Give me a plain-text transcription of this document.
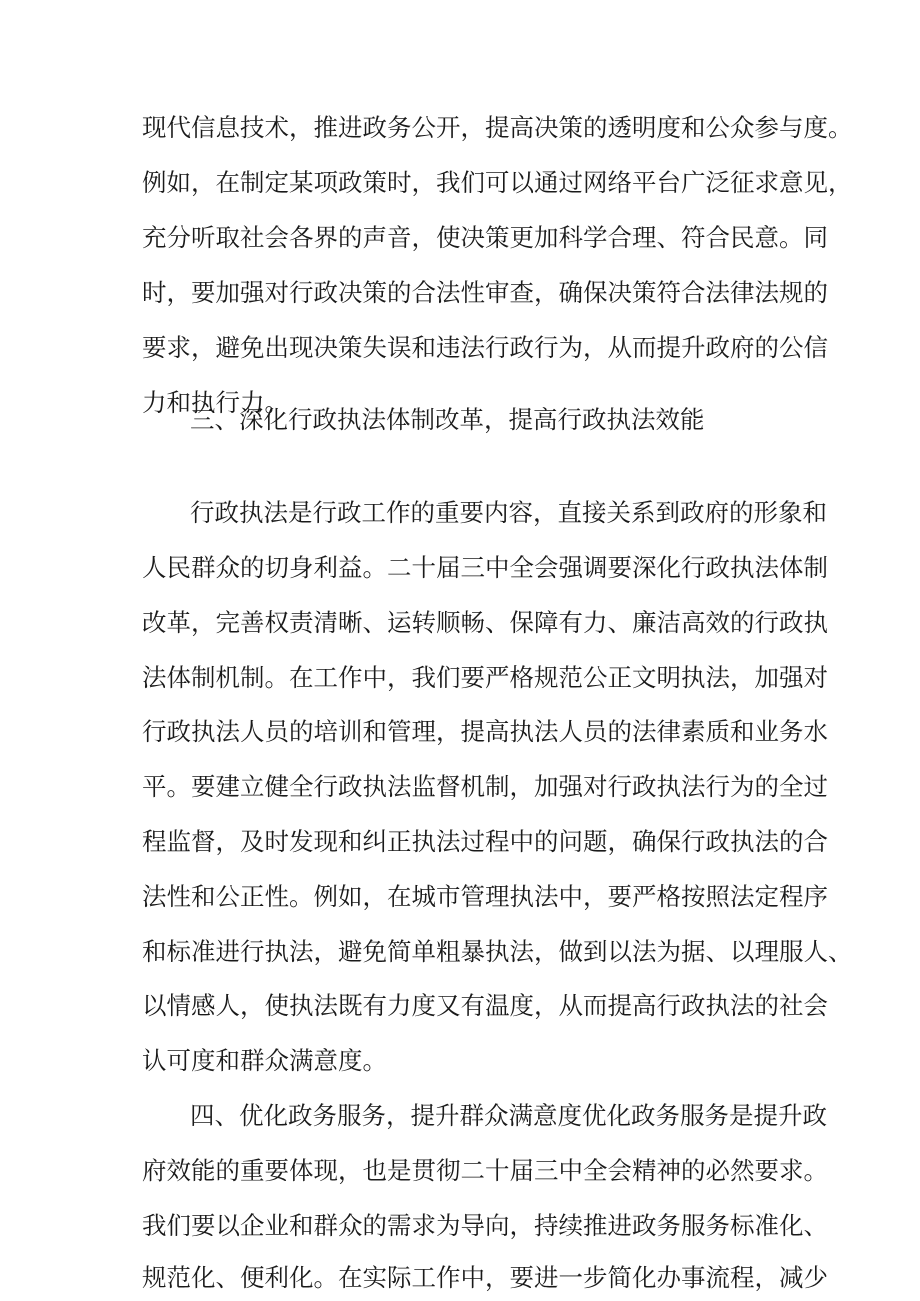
现代信息技术，推进政务公开，提高决策的透明度和公众参与度。
例如，在制定某项政策时，我们可以通过网络平台广泛征求意见，
充分听取社会各界的声音，使决策更加科学合理、符合民意。同
时，要加强对行政决策的合法性审查，确保决策符合法律法规的
要求，避免出现决策失误和违法行政行为，从而提升政府的公信
力和执行力。
三、深化行政执法体制改革，提高行政执法效能
行政执法是行政工作的重要内容，直接关系到政府的形象和
人民群众的切身利益。二十届三中全会强调要深化行政执法体制
改革，完善权责清晰、运转顺畅、保障有力、廉洁高效的行政执
法体制机制。在工作中，我们要严格规范公正文明执法，加强对
行政执法人员的培训和管理，提高执法人员的法律素质和业务水
平。要建立健全行政执法监督机制，加强对行政执法行为的全过
程监督，及时发现和纠正执法过程中的问题，确保行政执法的合
法性和公正性。例如，在城市管理执法中，要严格按照法定程序
和标准进行执法，避免简单粗暴执法，做到以法为据、以理服人、
以情感人，使执法既有力度又有温度，从而提高行政执法的社会
认可度和群众满意度。
四、优化政务服务，提升群众满意度优化政务服务是提升政
府效能的重要体现，也是贯彻二十届三中全会精神的必然要求。
我们要以企业和群众的需求为导向，持续推进政务服务标准化、
规范化、便利化。在实际工作中，要进一步简化办事流程，减少
